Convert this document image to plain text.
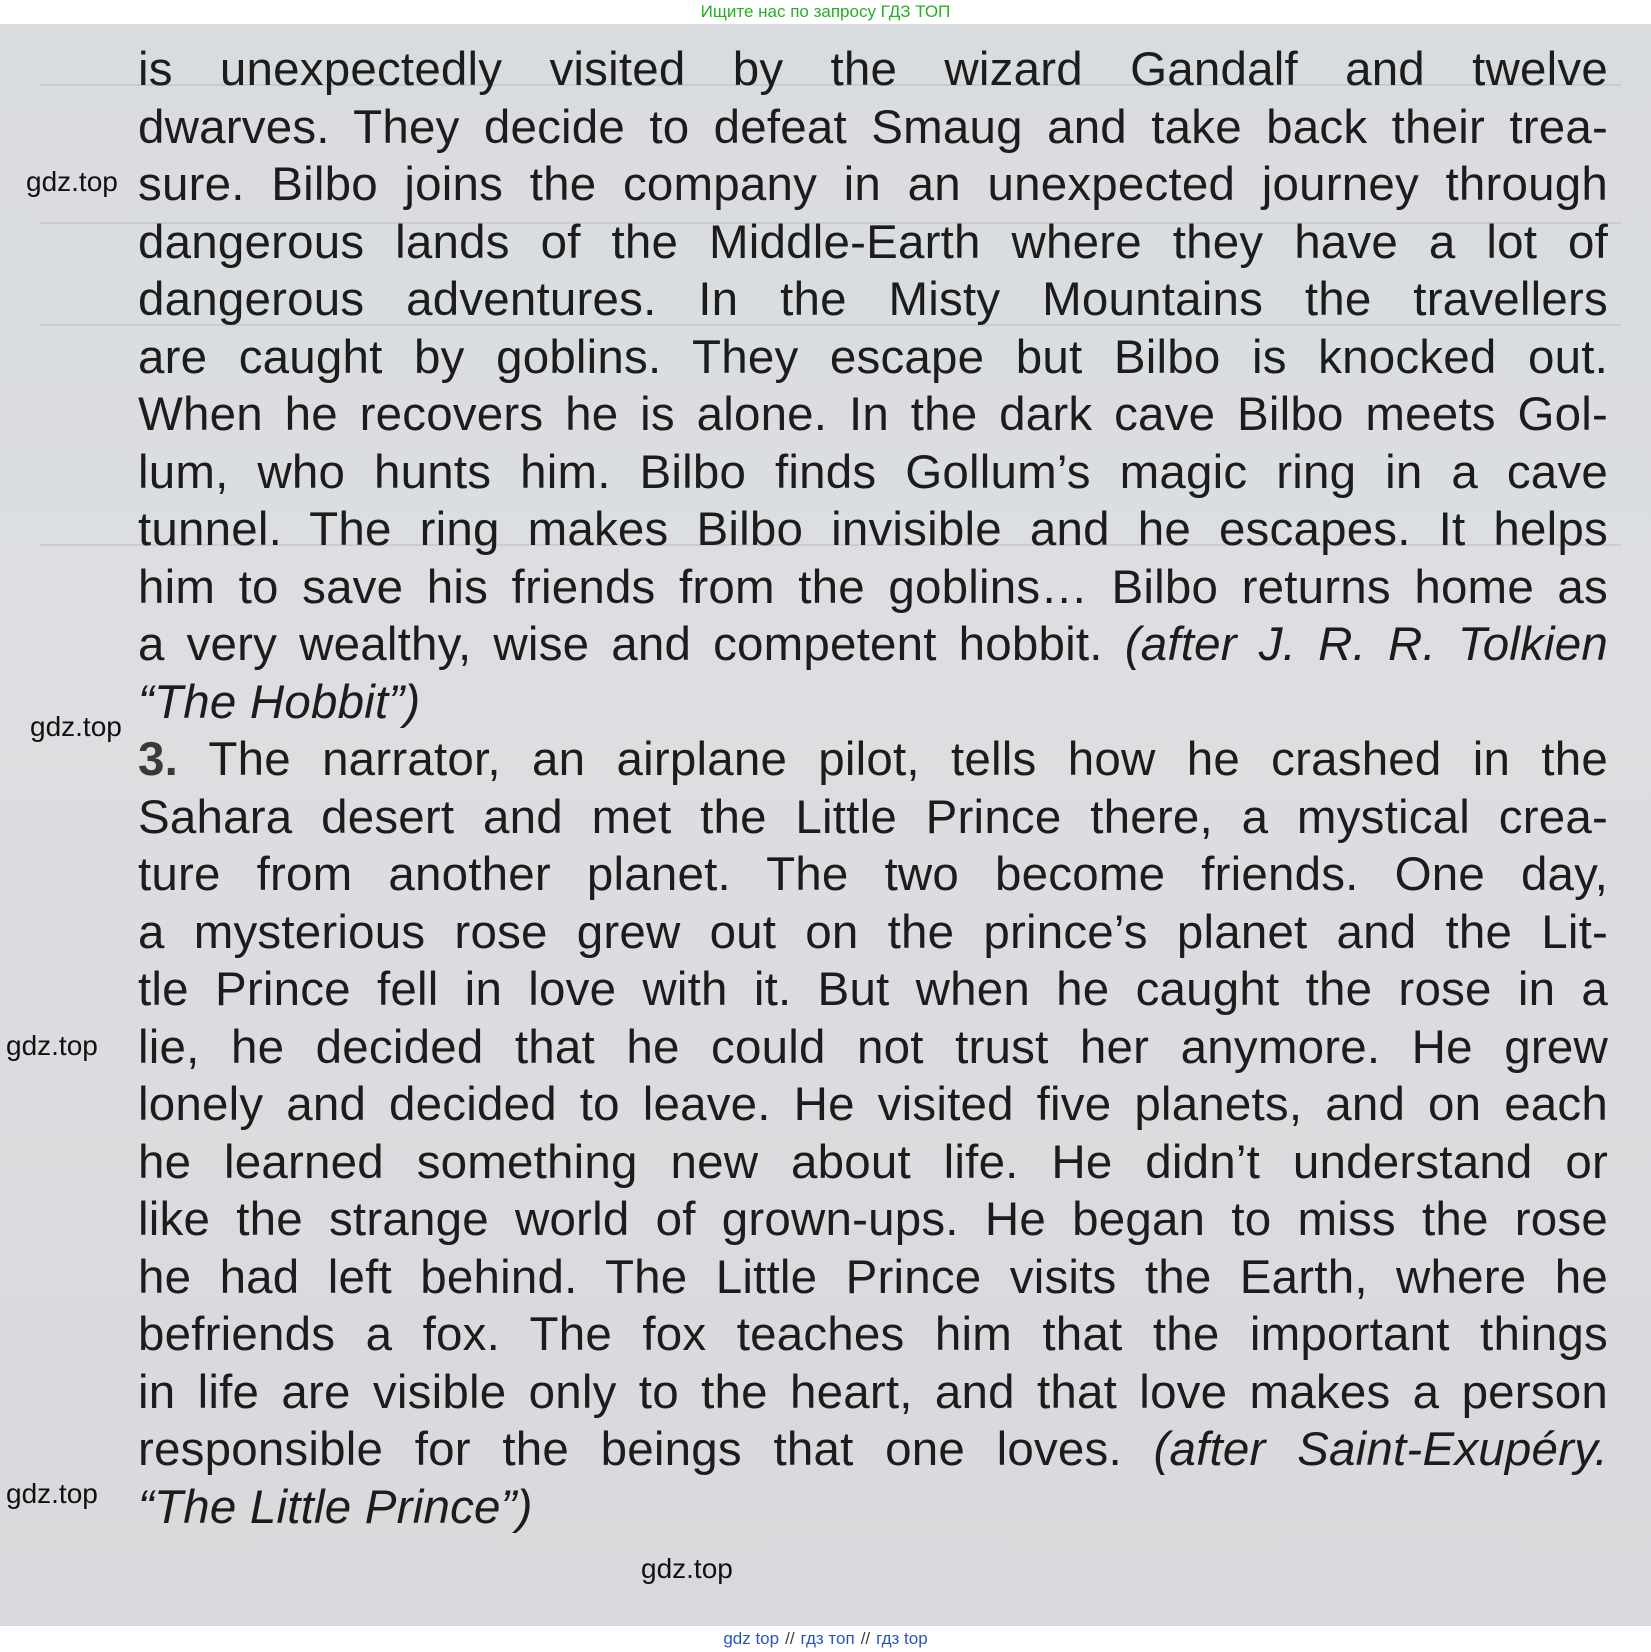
Ищите нас по запросу ГДЗ ТОП
is unexpectedly visited by the wizard Gandalf and twelve
dwarves. They decide to defeat Smaug and take back their trea-
sure. Bilbo joins the company in an unexpected journey through
dangerous lands of the Middle-Earth where they have a lot of
dangerous adventures. In the Misty Mountains the travellers
are caught by goblins. They escape but Bilbo is knocked out.
When he recovers he is alone. In the dark cave Bilbo meets Gol-
lum, who hunts him. Bilbo finds Gollum’s magic ring in a cave
tunnel. The ring makes Bilbo invisible and he escapes. It helps
him to save his friends from the goblins… Bilbo returns home as
a very wealthy, wise and competent hobbit. (after J. R. R. Tolkien
“The Hobbit”)
3. The narrator, an airplane pilot, tells how he crashed in the
Sahara desert and met the Little Prince there, a mystical crea-
ture from another planet. The two become friends. One day,
a mysterious rose grew out on the prince’s planet and the Lit-
tle Prince fell in love with it. But when he caught the rose in a
lie, he decided that he could not trust her anymore. He grew
lonely and decided to leave. He visited five planets, and on each
he learned something new about life. He didn’t understand or
like the strange world of grown-ups. He began to miss the rose
he had left behind. The Little Prince visits the Earth, where he
befriends a fox. The fox teaches him that the important things
in life are visible only to the heart, and that love makes a person
responsible for the beings that one loves. (after Saint-Exupéry.
“The Little Prince”)
gdz.top
gdz.top
gdz.top
gdz.top
gdz.top
gdz top // гдз топ // гдз top
